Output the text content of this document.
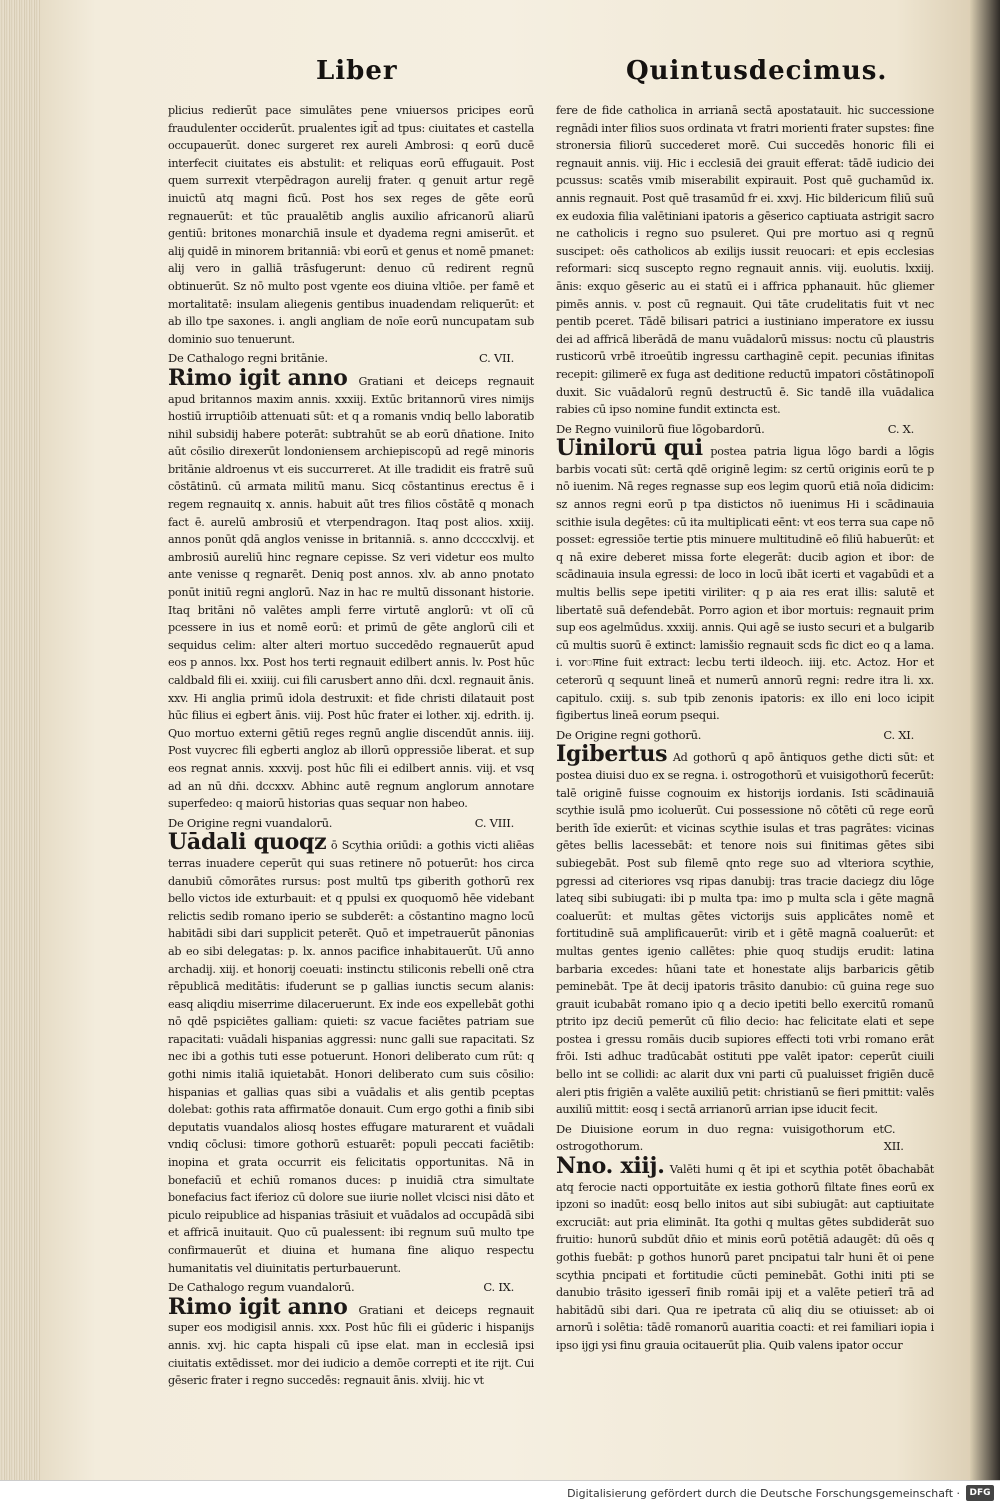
Liber	Quintusdecimus.

plicius redierūt pace simulātes pene vniuersos pricipes eorū fraudulenter occiderūt. prualentes igit̄ ad tpus: ciuitates et castella occupauerūt. donec surgeret rex aureli Ambrosi: q eorū ducē interfecit ciuitates eis abstulit: et reliquas eorū effugauit. Post quem surrexit vterpēdragon aurelij frater. q genuit artur regē inuictū atq magni ficū. Post hos sex reges de gēte eorū regnauerūt: et tūc praualētib anglis auxilio africanorū aliarū gentiū: britones monarchiā insule et dyadema regni amiserūt. et alij quidē in minorem britanniā: vbi eorū et genus et nomē pmanet: alij vero in galliā trāsfugerunt: denuo cū redirent regnū obtinuerūt. Sz nō multo post vgente eos diuina vltiōe. per famē et mortalitatē: insulam aliegenis gentibus inuadendam reliquerūt: et ab illo tpe saxones. i. angli angliam de noīe eorū nuncupatam sub dominio suo tenuerunt.

De Cathalogo regni britānie.	C. VII.

Rimo igit anno Gratiani et deiceps regnauit apud britannos maxim annis. xxxiij. Extūc britannorū vires nimijs hostiū irruptiōib attenuati sūt: et q a romanis vndiq bello laboratib nihil subsidij habere poterāt: subtrahūt se ab eorū dn̄atione. Inito aūt cōsilio direxerūt londoniensem archiepiscopū ad regē minoris britānie aldroenus vt eis succurreret. At ille tradidit eis fratrē suū cōstātinū. cū armata militū manu. Sicq cōstantinus erectus ē i regem regnauitq x. annis. habuit aūt tres filios cōstātē q monach fact ē. aurelū ambrosiū et vterpendragon. Itaq post alios. xxiij. annos ponūt qdā anglos venisse in britanniā. s. anno dccccxlvij. et ambrosiū aureliū hinc regnare cepisse. Sz veri videtur eos multo ante venisse q regnarēt. Deniq post annos. xlv. ab anno pnotato ponūt initiū regni anglorū. Naz in hac re multū dissonant historie. Itaq britāni nō valētes ampli ferre virtutē anglorū: vt olī cū pcessere in ius et nomē eorū: et primū de gēte anglorū cili et sequidus celim: alter alteri mortuo succedēdo regnauerūt apud eos p annos. lxx. Post hos terti regnauit edilbert annis. lv. Post hūc caldbald fili ei. xxiiij. cui fili carusbert anno dn̄i. dcxl. regnauit ānis. xxv. Hi anglia primū idola destruxit: et fide christi dilatauit post hūc filius ei egbert ānis. viij. Post hūc frater ei lother. xij. edrith. ij. Quo mortuo externi gētiū reges regnū anglie discendūt annis. iiij. Post vuycrec fili egberti angloz ab illorū oppressiōe liberat. et sup eos regnat annis. xxxvij. post hūc fili ei edilbert annis. viij. et vsq ad an nū dn̄i. dccxxv. Abhinc autē regnum anglorum annotare superfedeo: q maiorū historias quas sequar non habeo.

De Origine regni vuandalorū.	C. VIII.

Uādali quoqz ō Scythia oriūdi: a gothis victi aliēas terras inuadere ceperūt qui suas retinere nō potuerūt: hos circa danubiū cōmorātes rursus: post multū tps giberith gothorū rex bello victos ide exturbauit: et q ppulsi ex quoquomō hēe videbant relictis sedib romano iperio se subderēt: a cōstantino magno locū habitādi sibi dari supplicit peterēt. Quō et impetrauerūt pānonias ab eo sibi delegatas: p. lx. annos pacifice inhabitauerūt. Uū anno archadij. xiij. et honorij coeuati: instinctu stiliconis rebelli onē ctra rēpublicā meditātis: ifuderunt se p gallias iunctis secum alanis: easq aliqdiu miserrime dilaceruerunt. Ex inde eos expellebāt gothi nō qdē pspiciētes galliam: quieti: sz vacue faciētes patriam sue rapacitati: vuādali hispanias aggressi: nunc galli sue rapacitati. Sz nec ibi a gothis tuti esse potuerunt. Honori deliberato cum rūt: q gothi nimis italiā iquietabāt. Honori deliberato cum suis cōsilio: hispanias et gallias quas sibi a vuādalis et alis gentib pceptas dolebat: gothis rata affirmatōe donauit. Cum ergo gothi a finib sibi deputatis vuandalos aliosq hostes effugare maturarent et vuādali vndiq cōclusi: timore gothorū estuarēt: populi peccati faciētib: inopina et grata occurrit eis felicitatis opportunitas. Nā in bonefaciū et echiū romanos duces: p inuidiā ctra simultate bonefacius fact iferioz cū dolore sue iiurie nollet vlcisci nisi dāto et piculo reipublice ad hispanias trāsiuit et vuādalos ad occupādā sibi et affricā inuitauit. Quo cū pualessent: ibi regnum suū multo tpe confirmauerūt et diuina et humana fine aliquo respectu humanitatis vel diuinitatis perturbauerunt.

De Cathalogo regum vuandalorū.	C. IX.

Rimo igit anno Gratiani et deiceps regnauit super eos modigisil annis. xxx. Post hūc fili ei gūderic i hispanijs annis. xvj. hic capta hispali cū ipse elat. man in ecclesiā ipsi ciuitatis extēdisset. mor dei iudicio a demōe correpti et ite rijt. Cui gēseric frater i regno succedēs: regnauit ānis. xlviij. hic vt

fere de fide catholica in arrianā sectā apostatauit. hic successione regnādi inter filios suos ordinata vt fratri morienti frater supstes: fine stronersia filiorū succederet morē. Cui succedēs honoric fili ei regnauit annis. viij. Hic i ecclesiā dei grauit efferat: tādē iudicio dei pcussus: scatēs vmib miserabilit expirauit. Post quē guchamūd ix. annis regnauit. Post quē trasamūd fr ei. xxvj. Hic bildericum filiū suū ex eudoxia filia valētiniani ipatoris a gēserico captiuata astrigit sacro ne catholicis i regno suo psuleret. Qui pre mortuo asi q regnū suscipet: oēs catholicos ab exilijs iussit reuocari: et epis ecclesias reformari: sicq suscepto regno regnauit annis. viij. euolutis. lxxiij. ānis: exquo gēseric au ei statū ei i affrica pphanauit. hūc gliemer pimēs annis. v. post cū regnauit. Qui tāte crudelitatis fuit vt nec pentib pceret. Tādē bilisari patrici a iustiniano imperatore ex iussu dei ad affricā liberādā de manu vuādalorū missus: noctu cū plaustris rusticorū vrbē itroeūtib ingressu carthaginē cepit. pecunias ifinitas recepit: gilimerē ex fuga ast deditione reductū impatori cōstātinopolī duxit. Sic vuādalorū regnū destructū ē. Sic tandē illa vuādalica rabies cū ipso nomine fundit extincta est.

De Regno vuinilorū fiue lōgobardorū.	C. X.

Uinilorū qui postea patria ligua lōgo bardi a lōgis barbis vocati sūt: certā qdē originē legim: sz certū originis eorū te p nō iuenim. Nā reges regnasse sup eos legim quorū etiā noīa didicim: sz annos regni eorū p tpa distictos nō iuenimus Hi i scādinauia scithie isula degētes: cū ita multiplicati eēnt: vt eos terra sua cape nō posset: egressiōe tertie ptis minuere multitudinē eō filiū habuerūt: et q nā exire deberet missa forte elegerāt: ducib agion et ibor: de scādinauia insula egressi: de loco in locū ibāt icerti et vagabūdi et a multis bellis sepe ipetiti viriliter: q p aia res erat illis: salutē et libertatē suā defendebāt. Porro agion et ibor mortuis: regnauit prim sup eos agelmūdus. xxxiij. annis. Qui agē se iusto securi et a bulgarib cū multis suorū ē extinct: lamisšio regnauit scds fic dict eo q a lama. i. vorागine fuit extract: lecbu terti ildeoch. iiij. etc. Actoz. Hor et ceterorū q sequunt lineā et numerū annorū regni: redre itra li. xx. capitulo. cxiij. s. sub tpib zenonis ipatoris: ex illo eni loco icipit figibertus lineā eorum psequi.

De Origine regni gothorū.	C. XI.

Igibertus Ad gothorū q apō āntiquos gethe dicti sūt: et postea diuisi duo ex se regna. i. ostrogothorū et vuisigothorū fecerūt: talē originē fuisse cognouim ex historijs iordanis. Isti scādinauiā scythie isulā pmo icoluerūt. Cui possessione nō cōtēti cū rege eorū berith īde exierūt: et vicinas scythie isulas et tras pagrātes: vicinas gētes bellis lacessebāt: et tenore nois sui finitimas gētes sibi subiegebāt. Post sub filemē qnto rege suo ad vlteriora scythie, pgressi ad citeriores vsq ripas danubij: tras tracie daciegz diu lōge lateq sibi subiugati: ibi p multa tpa: imo p multa scla i gēte magnā coaluerūt: et multas gētes victorijs suis applicātes nomē et fortitudinē suā amplificauerūt: virib et i gētē magnā coaluerūt: et multas gentes igenio callētes: phie quoq studijs erudit: latina barbaria excedes: hūani tate et honestate alijs barbaricis gētib peminebāt. Tpe āt decij ipatoris trāsito danubio: cū guina rege suo grauit icubabāt romano ipio q a decio ipetiti bello exercitū romanū ptrito ipz deciū pemerūt cū filio decio: hac felicitate elati et sepe postea i gressu romāis ducib supiores effecti toti vrbi romano erāt frōi. Isti adhuc tradūcabāt ostituti ppe valēt ipator: ceperūt ciuili bello int se collidi: ac alarit dux vni parti cū pualuisset frigiēn ducē aleri ptis frigiēn a valēte auxiliū petit: christianū se fieri pmittit: valēs auxiliū mittit: eosq i sectā arrianorū arrian ipse iducit fecit.

De Diuisione eorum in duo regna: vuisigothorum et ostrogothorum.
C. XII.

Nno. xiij. Valēti humi q ēt ipi et scythia potēt ōbachabāt atq ferocie nacti opportuitāte ex iestia gothorū filtate fines eorū ex ipzoni so inadūt: eosq bello initos aut sibi subiugāt: aut captiuitate excruciāt: aut pria elimināt. Ita gothi q multas gētes subdiderāt suo fruitio: hunorū subdūt dn̄io et minis eorū potētiā adaugēt: dū oēs q gothis fuebāt: p gothos hunorū paret pncipatui talr huni ēt oi pene scythia pncipati et fortitudie cūcti peminebāt. Gothi initi pti se danubio trāsito igesserī finib romāi ipij et a valēte petierī trā ad habitādū sibi dari. Qua re ipetrata cū aliq diu se otiuisset: ab oi arnorū i solētia: tādē romanorū auaritia coacti: et rei familiari iopia i ipso ijgi ysi finu grauia ocitauerūt plia. Quib valens ipator occur

Digitalisierung gefördert durch die Deutsche Forschungsgemeinschaft ·	DFG
